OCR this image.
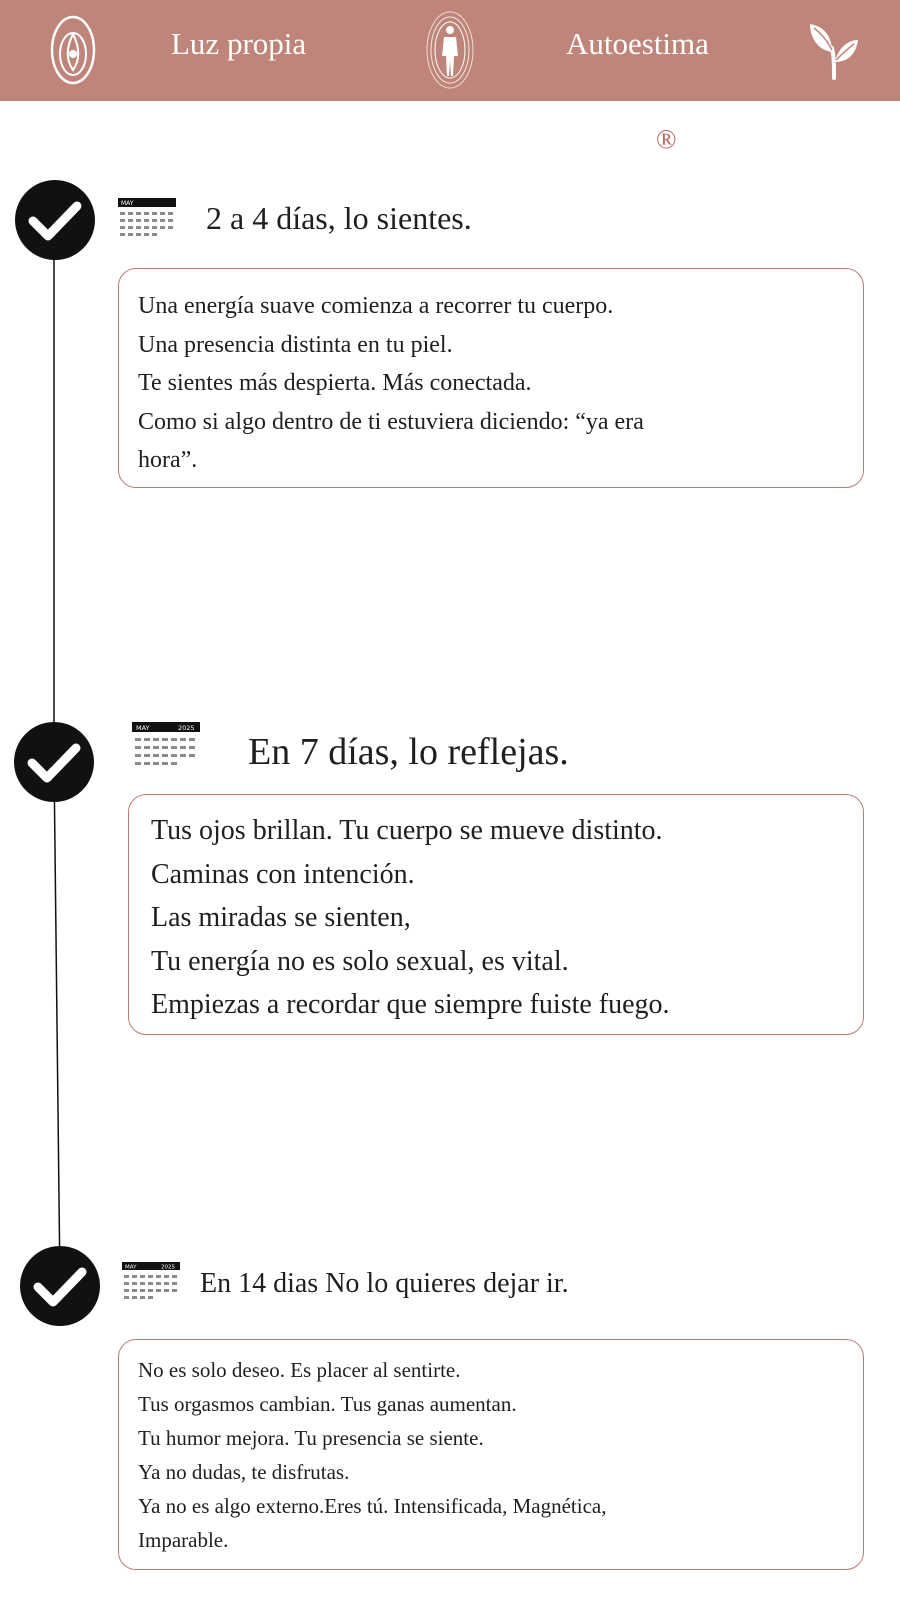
Luz propia	Autoestima
®
MAY 2 a 4 días, lo sientes.
Una energía suave comienza a recorrer tu cuerpo.
Una presencia distinta en tu piel.
Te sientes más despierta. Más conectada.
Como si algo dentro de ti estuviera diciendo: “ya era
hora”.
MAY	2025
En 7 días, lo reflejas.
Tus ojos brillan. Tu cuerpo se mueve distinto.
Caminas con intención.
Las miradas se sienten,
Tu energía no es solo sexual, es vital.
Empiezas a recordar que siempre fuiste fuego.
MAY	2025
En 14 dias No lo quieres dejar ir.
No es solo deseo. Es placer al sentirte.
Tus orgasmos cambian. Tus ganas aumentan.
Tu humor mejora. Tu presencia se siente.
Ya no dudas, te disfrutas.
Ya no es algo externo.Eres tú. Intensificada, Magnética,
Imparable.
